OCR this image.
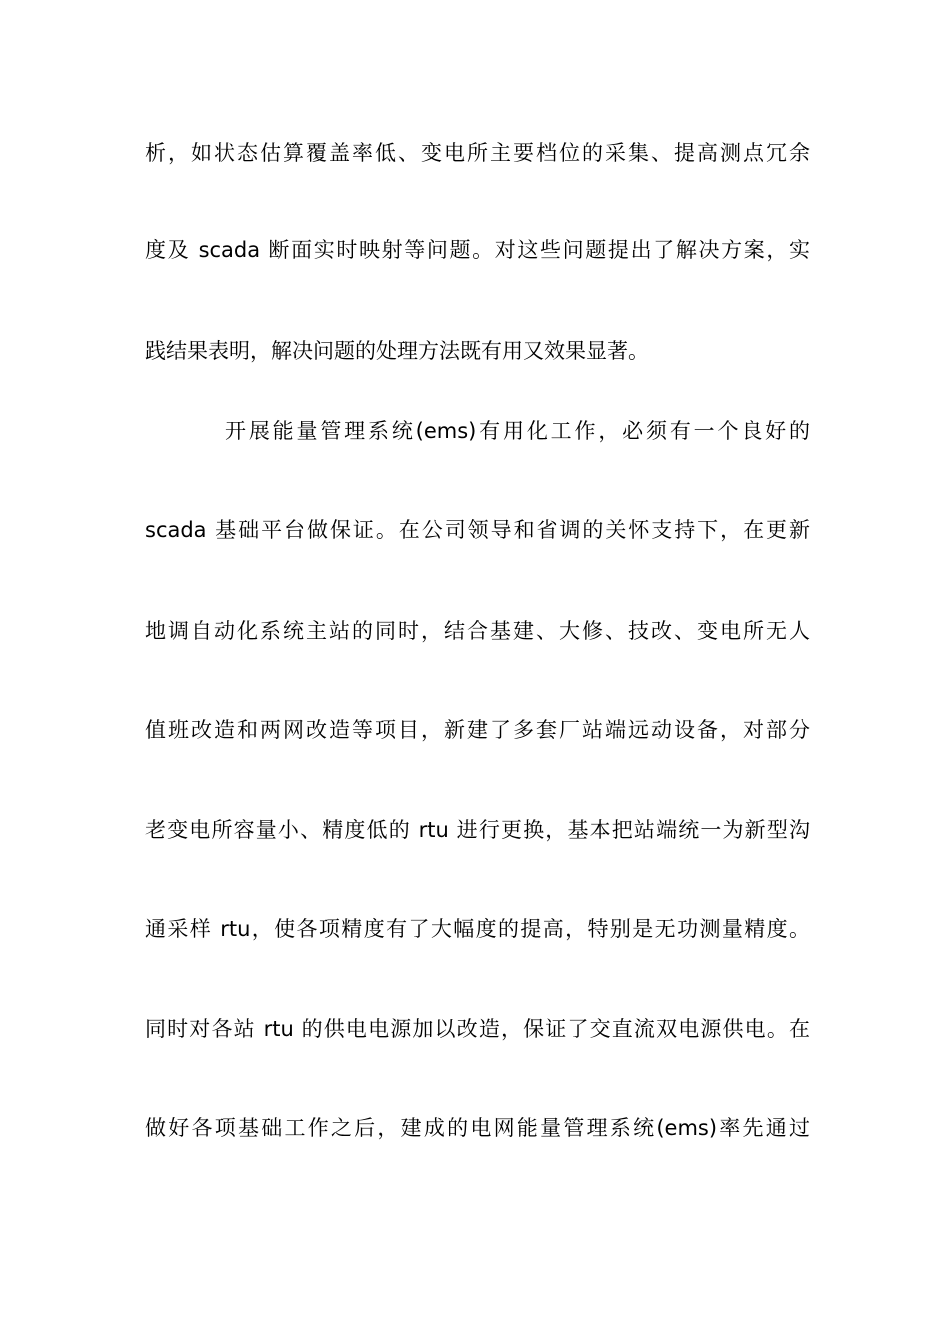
析，如状态估算覆盖率低、变电所主要档位的采集、提高测点冗余
度及 scada 断面实时映射等问题。对这些问题提出了解决方案，实
践结果表明，解决问题的处理方法既有用又效果显著。
开展能量管理系统(ems)有用化工作，必须有一个良好的
scada 基础平台做保证。在公司领导和省调的关怀支持下，在更新
地调自动化系统主站的同时，结合基建、大修、技改、变电所无人
值班改造和两网改造等项目，新建了多套厂站端远动设备，对部分
老变电所容量小、精度低的 rtu 进行更换，基本把站端统一为新型沟
通采样 rtu，使各项精度有了大幅度的提高，特别是无功测量精度。
同时对各站 rtu 的供电电源加以改造，保证了交直流双电源供电。在
做好各项基础工作之后，建成的电网能量管理系统(ems)率先通过
